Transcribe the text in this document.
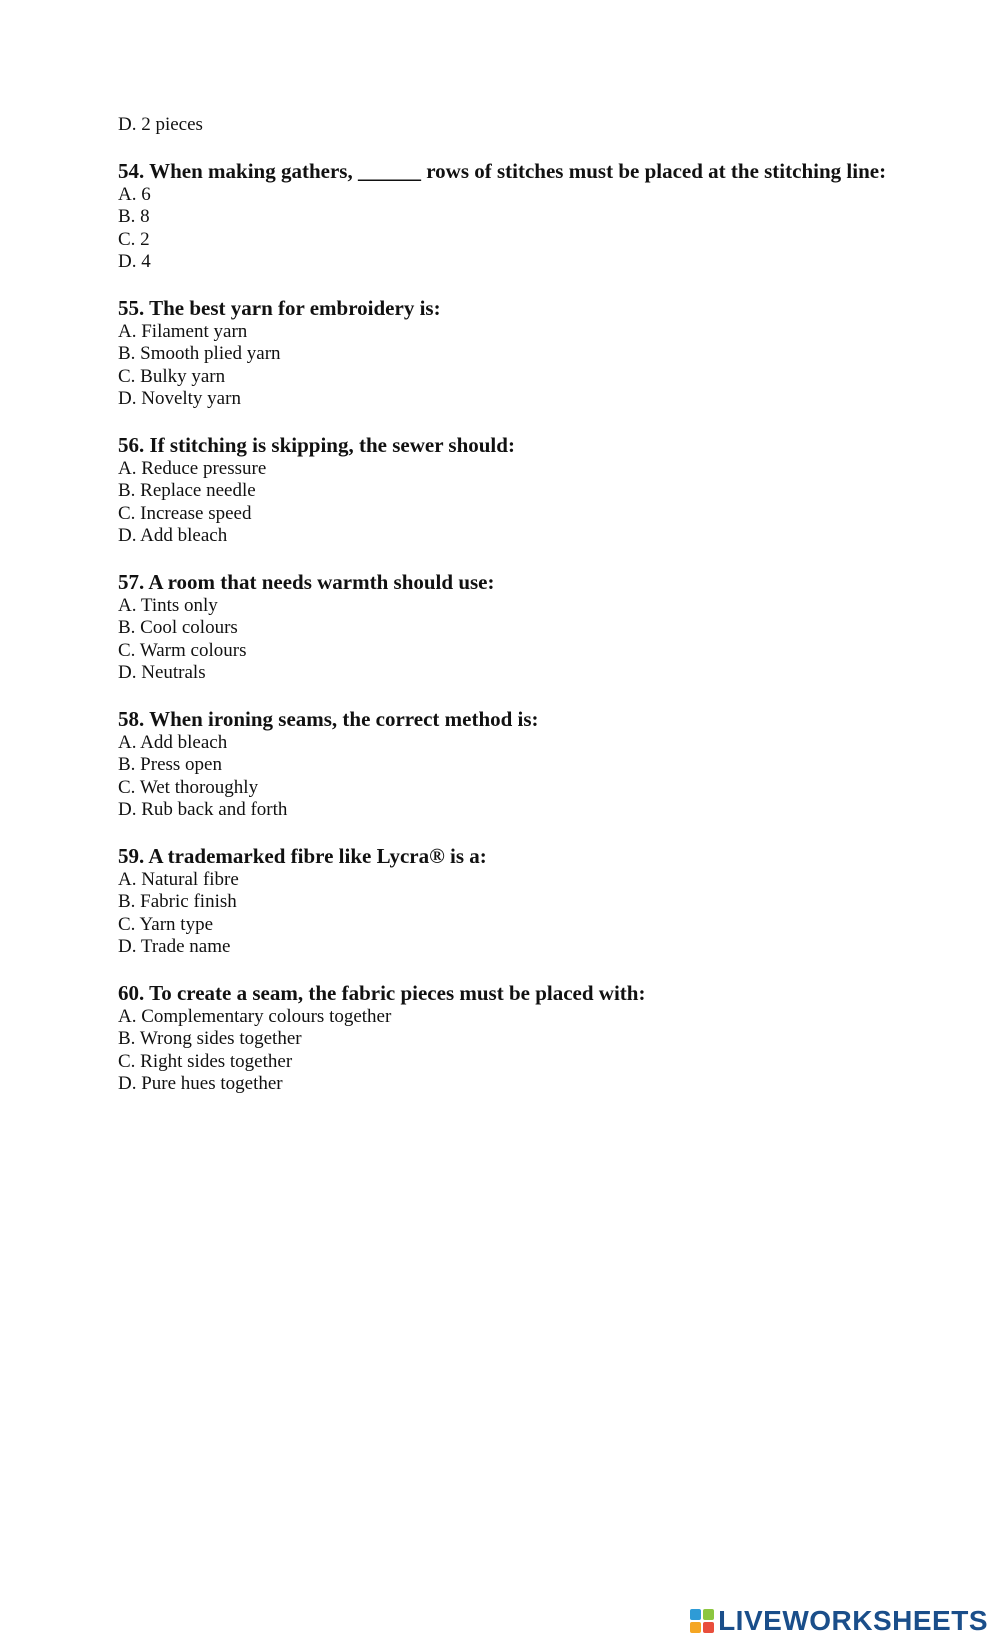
D. 2 pieces

54. When making gathers, ______ rows of stitches must be placed at the stitching line:

A. 6

B. 8

C. 2

D. 4

55. The best yarn for embroidery is:

A. Filament yarn

B. Smooth plied yarn

C. Bulky yarn

D. Novelty yarn

56. If stitching is skipping, the sewer should:

A. Reduce pressure

B. Replace needle

C. Increase speed

D. Add bleach

57. A room that needs warmth should use:

A. Tints only

B. Cool colours

C. Warm colours

D. Neutrals

58. When ironing seams, the correct method is:

A. Add bleach

B. Press open

C. Wet thoroughly

D. Rub back and forth

59. A trademarked fibre like Lycra® is a:

A. Natural fibre

B. Fabric finish

C. Yarn type

D. Trade name

60. To create a seam, the fabric pieces must be placed with:

A. Complementary colours together

B. Wrong sides together

C. Right sides together

D. Pure hues together

LIVEWORKSHEETS
